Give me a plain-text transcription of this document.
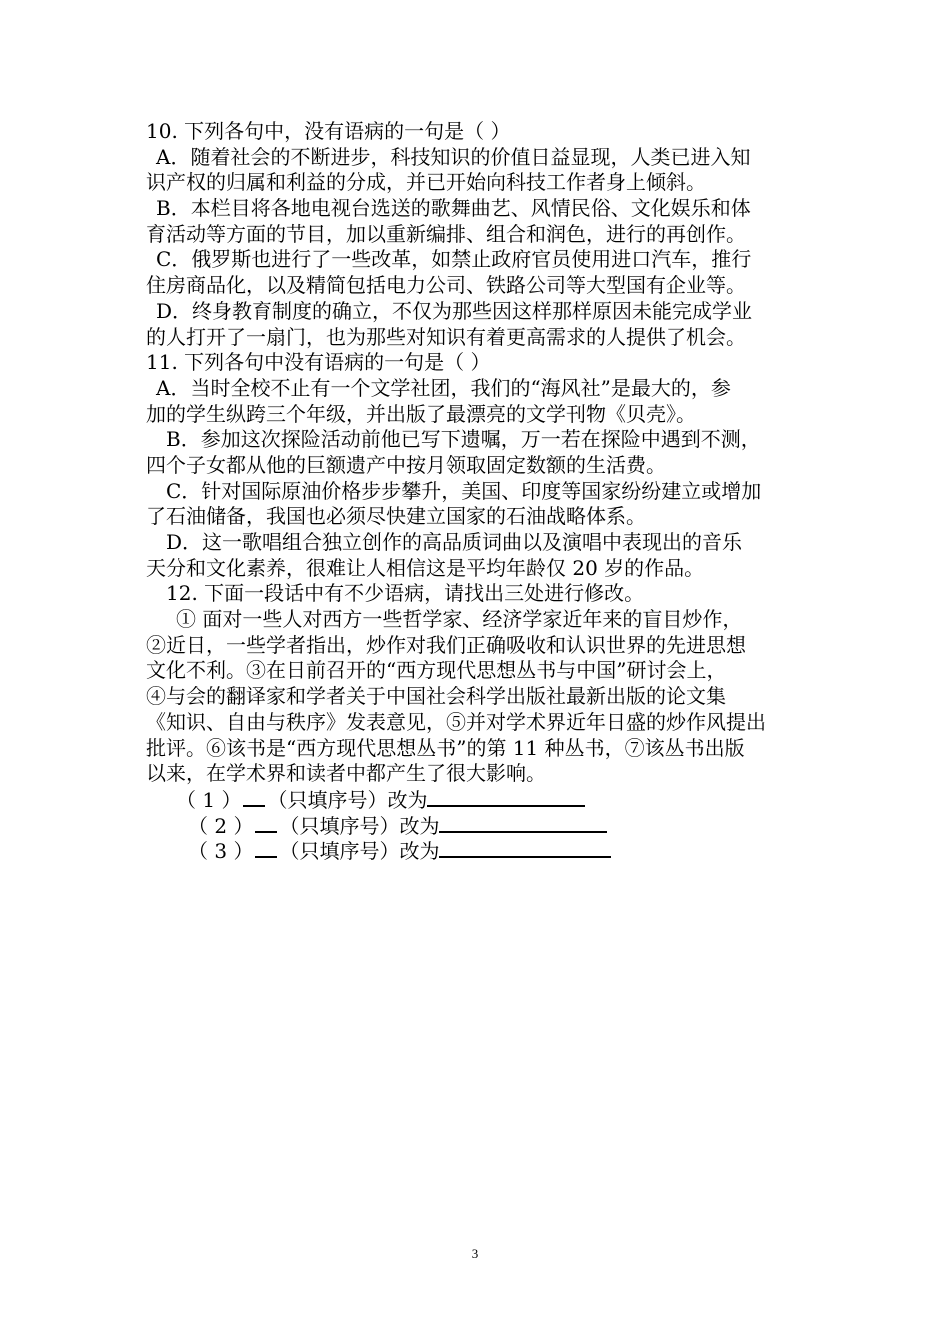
10. 下列各句中，没有语病的一句是（ ）
A．随着社会的不断进步，科技知识的价值日益显现，人类已进入知
识产权的归属和利益的分成，并已开始向科技工作者身上倾斜。
B．本栏目将各地电视台选送的歌舞曲艺、风情民俗、文化娱乐和体
育活动等方面的节目，加以重新编排、组合和润色，进行的再创作。
C．俄罗斯也进行了一些改革，如禁止政府官员使用进口汽车，推行
住房商品化，以及精简包括电力公司、铁路公司等大型国有企业等。
D．终身教育制度的确立，不仅为那些因这样那样原因未能完成学业
的人打开了一扇门，也为那些对知识有着更高需求的人提供了机会。
11. 下列各句中没有语病的一句是（ ）
A．当时全校不止有一个文学社团，我们的“海风社”是最大的，参
加的学生纵跨三个年级，并出版了最漂亮的文学刊物《贝壳》。
B．参加这次探险活动前他已写下遗嘱，万一若在探险中遇到不测，
四个子女都从他的巨额遗产中按月领取固定数额的生活费。
C．针对国际原油价格步步攀升，美国、印度等国家纷纷建立或增加
了石油储备，我国也必须尽快建立国家的石油战略体系。
D．这一歌唱组合独立创作的高品质词曲以及演唱中表现出的音乐
天分和文化素养，很难让人相信这是平均年龄仅 20 岁的作品。
12. 下面一段话中有不少语病，请找出三处进行修改。
① 面对一些人对西方一些哲学家、经济学家近年来的盲目炒作，
②近日，一些学者指出，炒作对我们正确吸收和认识世界的先进思想
文化不利。③在日前召开的“西方现代思想丛书与中国”研讨会上，
④与会的翻译家和学者关于中国社会科学出版社最新出版的论文集
《知识、自由与秩序》发表意见，⑤并对学术界近年日盛的炒作风提出
批评。⑥该书是“西方现代思想丛书”的第 11 种丛书，⑦该丛书出版
以来，在学术界和读者中都产生了很大影响。
（ 1 ） （只填序号）改为
（ 2 ） （只填序号）改为
（ 3 ） （只填序号）改为
3
